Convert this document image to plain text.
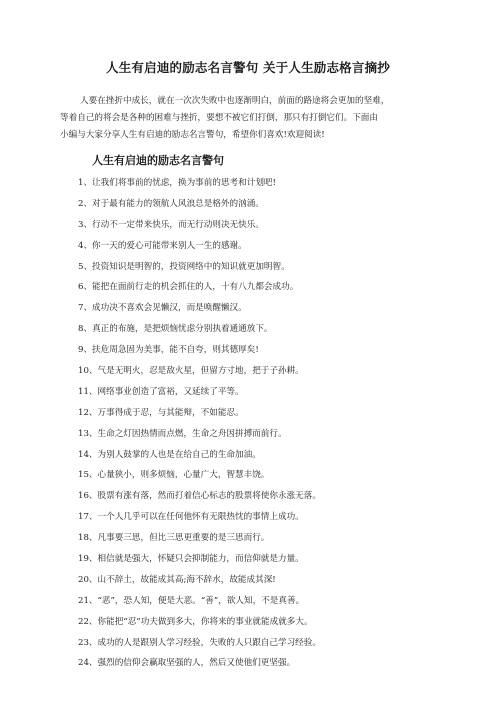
人生有启迪的励志名言警句 关于人生励志格言摘抄
人要在挫折中成长，就在一次次失败中也逐渐明白，前面的路途将会更加的坚难，
等着自己的将会是各种的困难与挫折，要想不被它们打倒，那只有打倒它们。下面由
小编与大家分享人生有启迪的励志名言警句，希望你们喜欢!欢迎阅读!
人生有启迪的励志名言警句
1、让我们将事前的忧虑，换为事前的思考和计划吧!
2、对于最有能力的领航人风浪总是格外的汹涌。
3、行动不一定带来快乐，而无行动则决无快乐。
4、你一天的爱心可能带来别人一生的感谢。
5、投资知识是明智的，投资网络中的知识就更加明智。
6、能把在面前行走的机会抓住的人，十有八九都会成功。
7、成功决不喜欢会见懒汉，而是唤醒懒汉。
8、真正的布施，是把烦恼忧虑分别执着通通放下。
9、扶危周急固为美事，能不自夸，则其德厚矣!
10、气是无明火，忍是敌火星，但留方寸地，把于子孙耕。
11、网络事业创造了富裕，又延续了平等。
12、万事得成于忍，与其能辩，不如能忍。
13、生命之灯因热情而点燃，生命之舟因拼搏而前行。
14、为别人鼓掌的人也是在给自己的生命加油。
15、心量狭小，则多烦恼，心量广大，智慧丰饶。
16、股票有涨有落，然而打着信心标志的股票将使你永涨无落。
17、一个人几乎可以在任何他怀有无限热忱的事情上成功。
18、凡事要三思，但比三思更重要的是三思而行。
19、相信就是强大，怀疑只会抑制能力，而信仰就是力量。
20、山不辞土，故能成其高;海不辞水，故能成其深!
21、“恶”，恐人知，便是大恶。“善”，欲人知，不是真善。
22、你能把“忍”功夫做到多大，你将来的事业就能成就多大。
23、成功的人是跟别人学习经验，失败的人只跟自己学习经验。
24、强烈的信仰会赢取坚强的人，然后又使他们更坚强。
